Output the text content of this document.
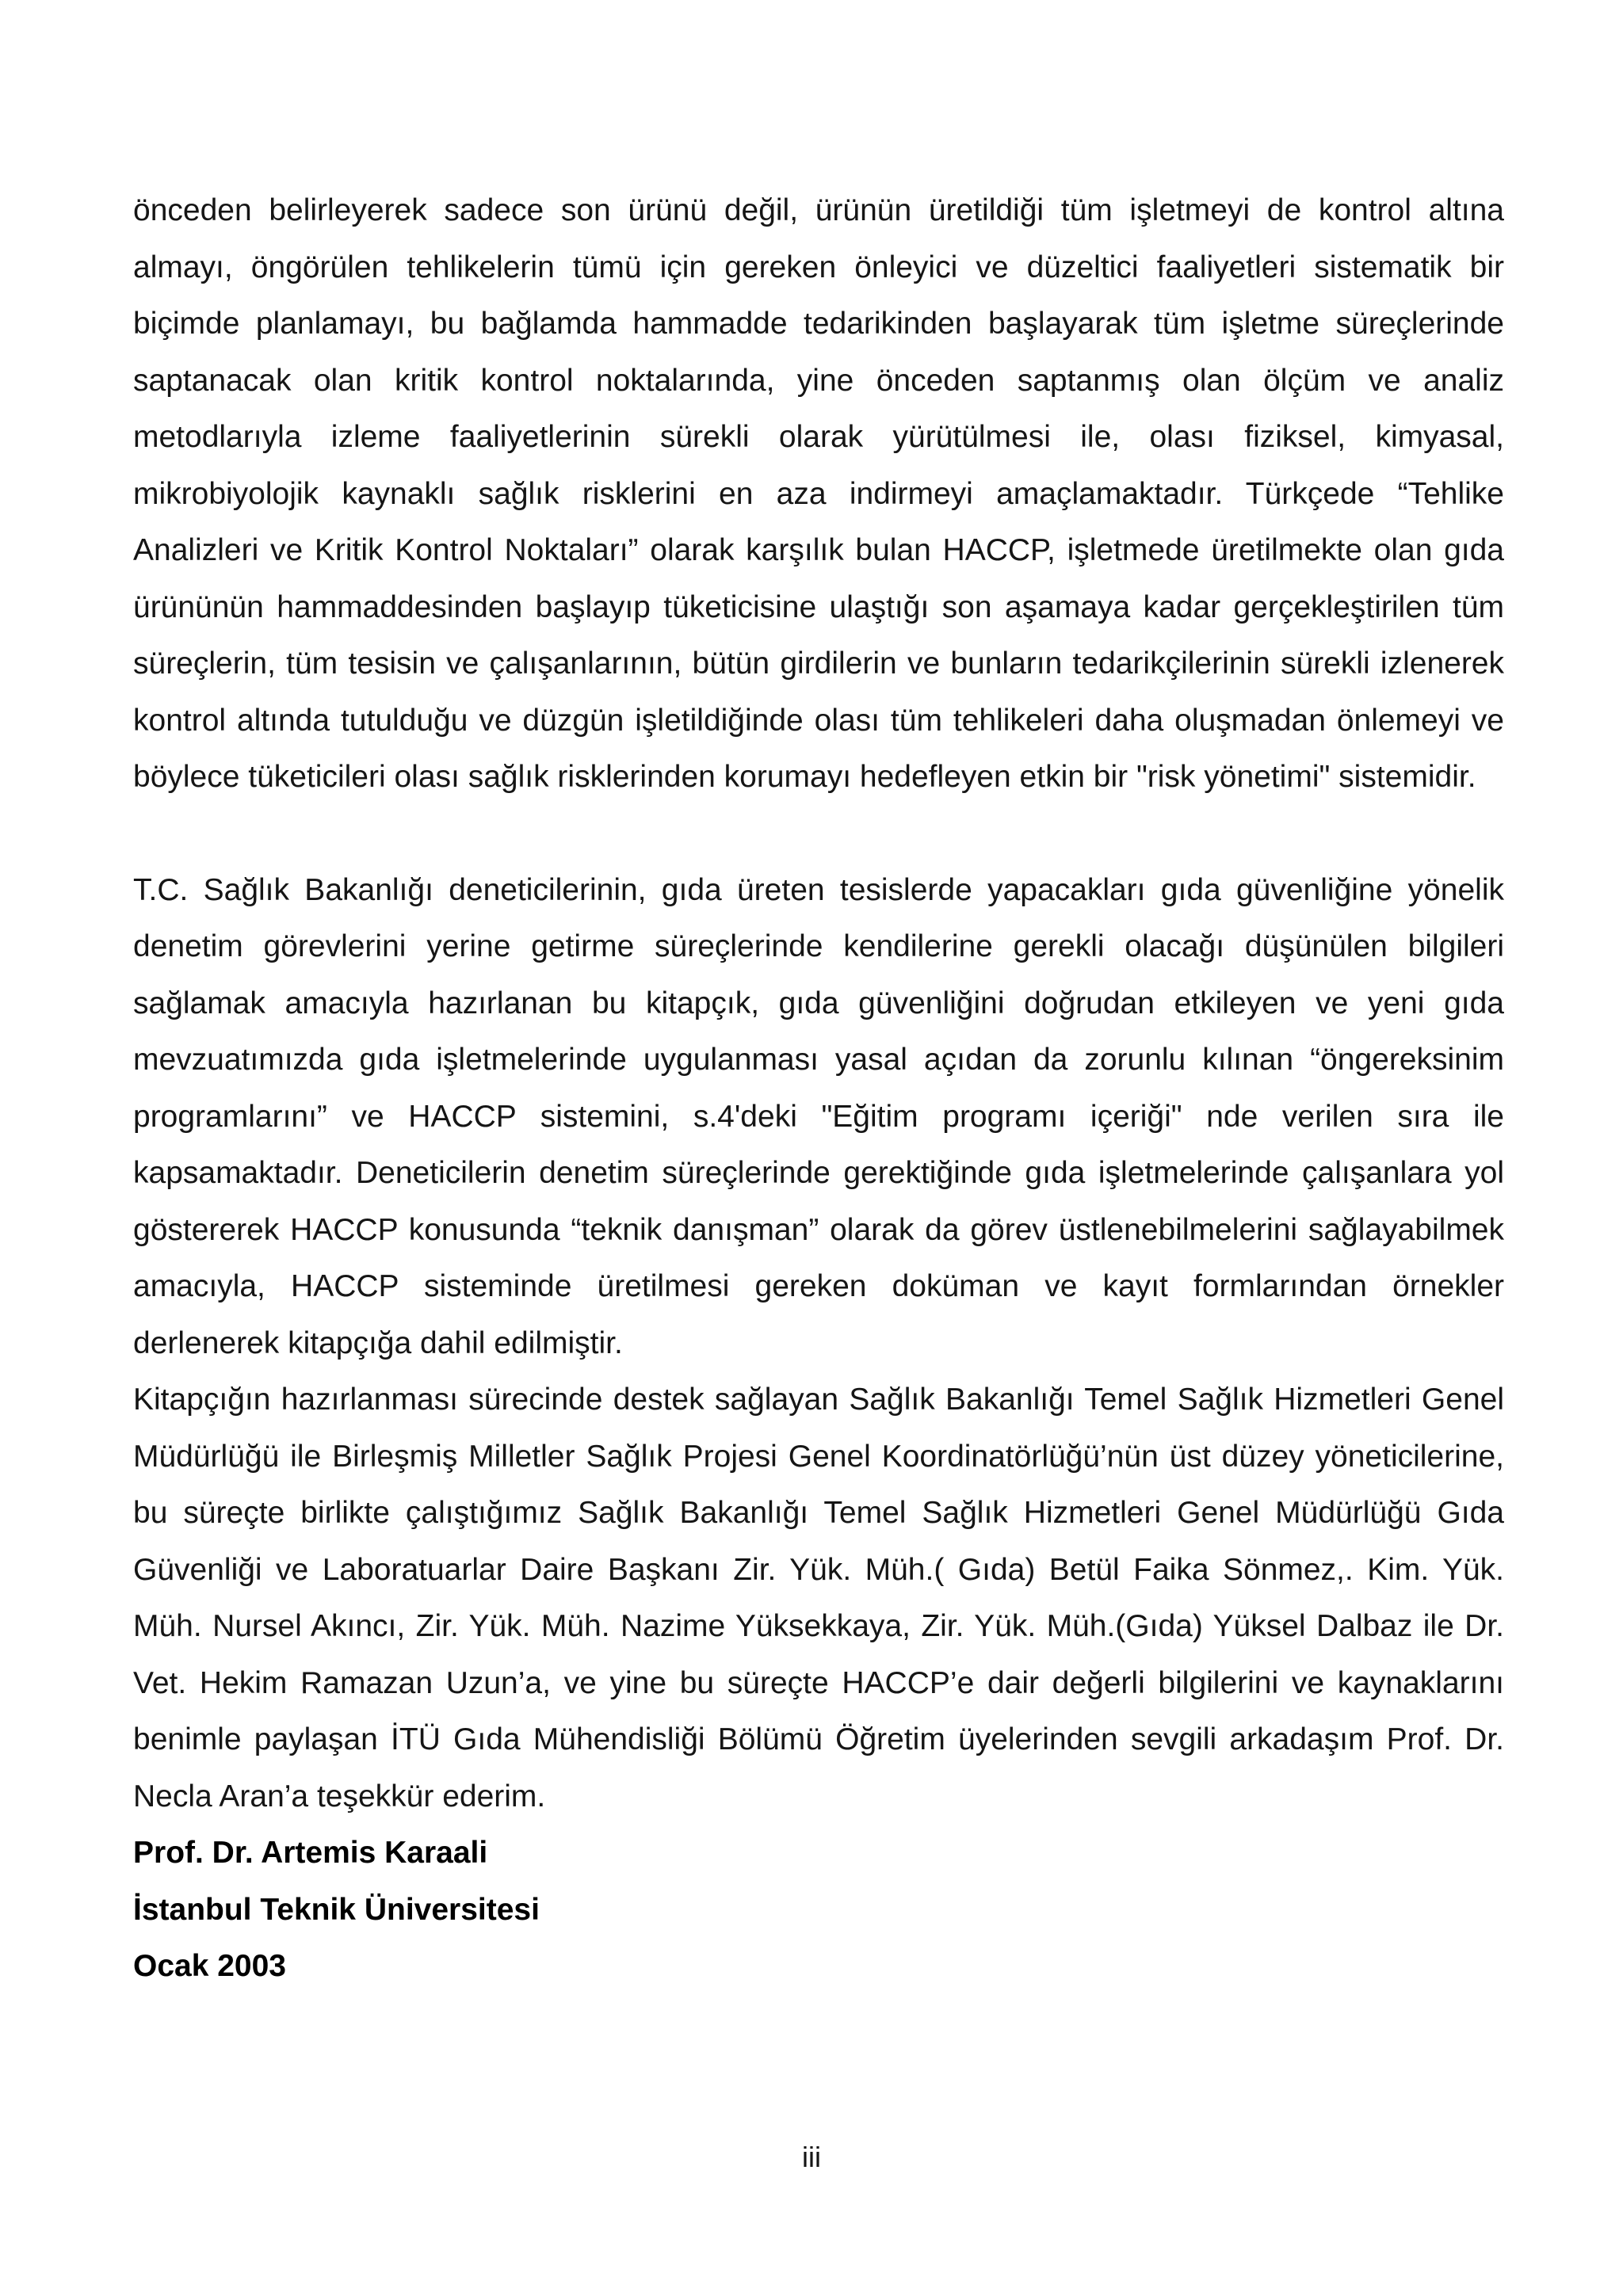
önceden belirleyerek sadece son ürünü değil, ürünün üretildiği tüm işletmeyi de kontrol altına almayı, öngörülen tehlikelerin tümü için gereken önleyici ve düzeltici faaliyetleri sistematik bir biçimde planlamayı, bu bağlamda hammadde tedarikinden başlayarak tüm işletme süreçlerinde saptanacak olan kritik kontrol noktalarında, yine önceden saptanmış olan ölçüm ve analiz metodlarıyla izleme faaliyetlerinin sürekli olarak yürütülmesi ile, olası fiziksel, kimyasal, mikrobiyolojik kaynaklı sağlık risklerini en aza indirmeyi amaçlamaktadır. Türkçede “Tehlike Analizleri ve Kritik Kontrol Noktaları” olarak karşılık bulan HACCP, işletmede üretilmekte olan gıda ürününün hammaddesinden başlayıp tüketicisine ulaştığı son aşamaya kadar gerçekleştirilen tüm süreçlerin, tüm tesisin ve çalışanlarının, bütün girdilerin ve bunların tedarikçilerinin sürekli izlenerek kontrol altında tutulduğu ve düzgün işletildiğinde olası tüm tehlikeleri daha oluşmadan önlemeyi ve böylece tüketicileri olası sağlık risklerinden korumayı hedefleyen etkin bir "risk yönetimi" sistemidir.

T.C. Sağlık Bakanlığı deneticilerinin, gıda üreten tesislerde yapacakları gıda güvenliğine yönelik denetim görevlerini yerine getirme süreçlerinde kendilerine gerekli olacağı düşünülen bilgileri sağlamak amacıyla hazırlanan bu kitapçık, gıda güvenliğini doğrudan etkileyen ve yeni gıda mevzuatımızda gıda işletmelerinde uygulanması yasal açıdan da zorunlu kılınan “öngereksinim programlarını” ve HACCP sistemini, s.4'deki "Eğitim programı içeriği" nde verilen sıra ile kapsamaktadır. Deneticilerin denetim süreçlerinde gerektiğinde gıda işletmelerinde çalışanlara yol göstererek HACCP konusunda “teknik danışman” olarak da görev üstlenebilmelerini sağlayabilmek amacıyla, HACCP sisteminde üretilmesi gereken doküman ve kayıt formlarından örnekler derlenerek kitapçığa dahil edilmiştir.

Kitapçığın hazırlanması sürecinde destek sağlayan Sağlık Bakanlığı Temel Sağlık Hizmetleri Genel Müdürlüğü ile Birleşmiş Milletler Sağlık Projesi Genel Koordinatörlüğü’nün üst düzey yöneticilerine, bu süreçte birlikte çalıştığımız Sağlık Bakanlığı Temel Sağlık Hizmetleri Genel Müdürlüğü Gıda Güvenliği ve Laboratuarlar Daire Başkanı Zir. Yük. Müh.( Gıda) Betül Faika Sönmez,. Kim. Yük. Müh. Nursel Akıncı, Zir. Yük. Müh. Nazime Yüksekkaya, Zir. Yük. Müh.(Gıda) Yüksel Dalbaz ile Dr. Vet. Hekim Ramazan Uzun’a, ve yine bu süreçte HACCP’e dair değerli bilgilerini ve kaynaklarını benimle paylaşan İTÜ Gıda Mühendisliği Bölümü Öğretim üyelerinden sevgili arkadaşım Prof. Dr. Necla Aran’a teşekkür ederim.

Prof. Dr. Artemis Karaali

İstanbul Teknik Üniversitesi

Ocak 2003

iii
